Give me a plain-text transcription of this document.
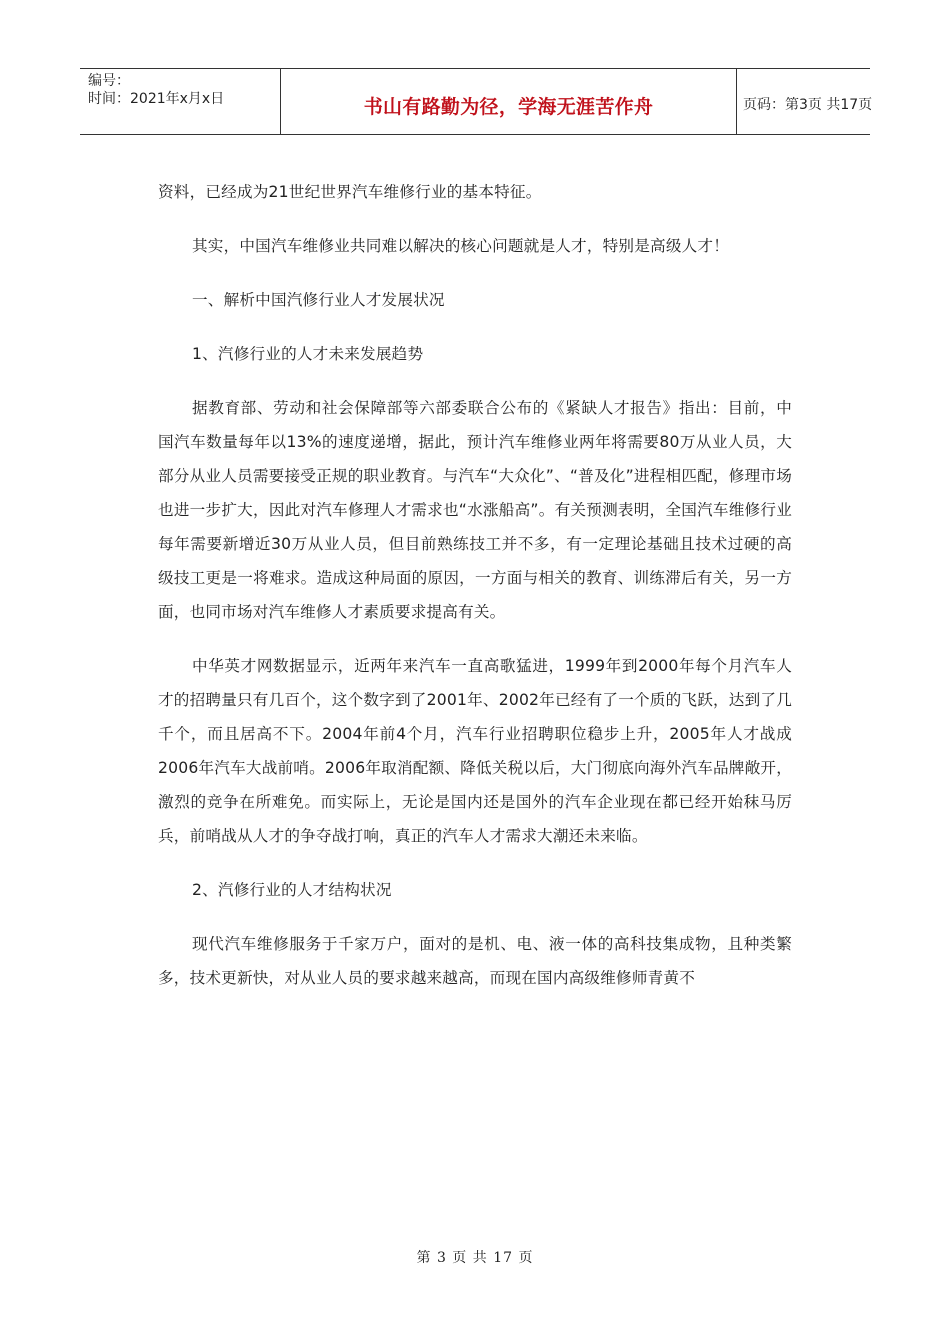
编号：
时间：2021年x月x日	书山有路勤为径，学海无涯苦作舟	页码：第3页 共17页

资料，已经成为21世纪世界汽车维修行业的基本特征。

其实，中国汽车维修业共同难以解决的核心问题就是人才，特别是高级人才！

一、解析中国汽修行业人才发展状况

1、汽修行业的人才未来发展趋势

据教育部、劳动和社会保障部等六部委联合公布的《紧缺人才报告》指出：目前，中国汽车数量每年以13%的速度递增，据此，预计汽车维修业两年将需要80万从业人员，大部分从业人员需要接受正规的职业教育。与汽车“大众化”、“普及化”进程相匹配，修理市场也进一步扩大，因此对汽车修理人才需求也“水涨船高”。有关预测表明，全国汽车维修行业每年需要新增近30万从业人员，但目前熟练技工并不多，有一定理论基础且技术过硬的高级技工更是一将难求。造成这种局面的原因，一方面与相关的教育、训练滞后有关，另一方面，也同市场对汽车维修人才素质要求提高有关。

中华英才网数据显示，近两年来汽车一直高歌猛进，1999年到2000年每个月汽车人才的招聘量只有几百个，这个数字到了2001年、2002年已经有了一个质的飞跃，达到了几千个，而且居高不下。2004年前4个月，汽车行业招聘职位稳步上升，2005年人才战成2006年汽车大战前哨。2006年取消配额、降低关税以后，大门彻底向海外汽车品牌敞开，激烈的竞争在所难免。而实际上，无论是国内还是国外的汽车企业现在都已经开始秣马厉兵，前哨战从人才的争夺战打响，真正的汽车人才需求大潮还未来临。

2、汽修行业的人才结构状况

现代汽车维修服务于千家万户，面对的是机、电、液一体的高科技集成物，且种类繁多，技术更新快，对从业人员的要求越来越高，而现在国内高级维修师青黄不

第 3 页 共 17 页
